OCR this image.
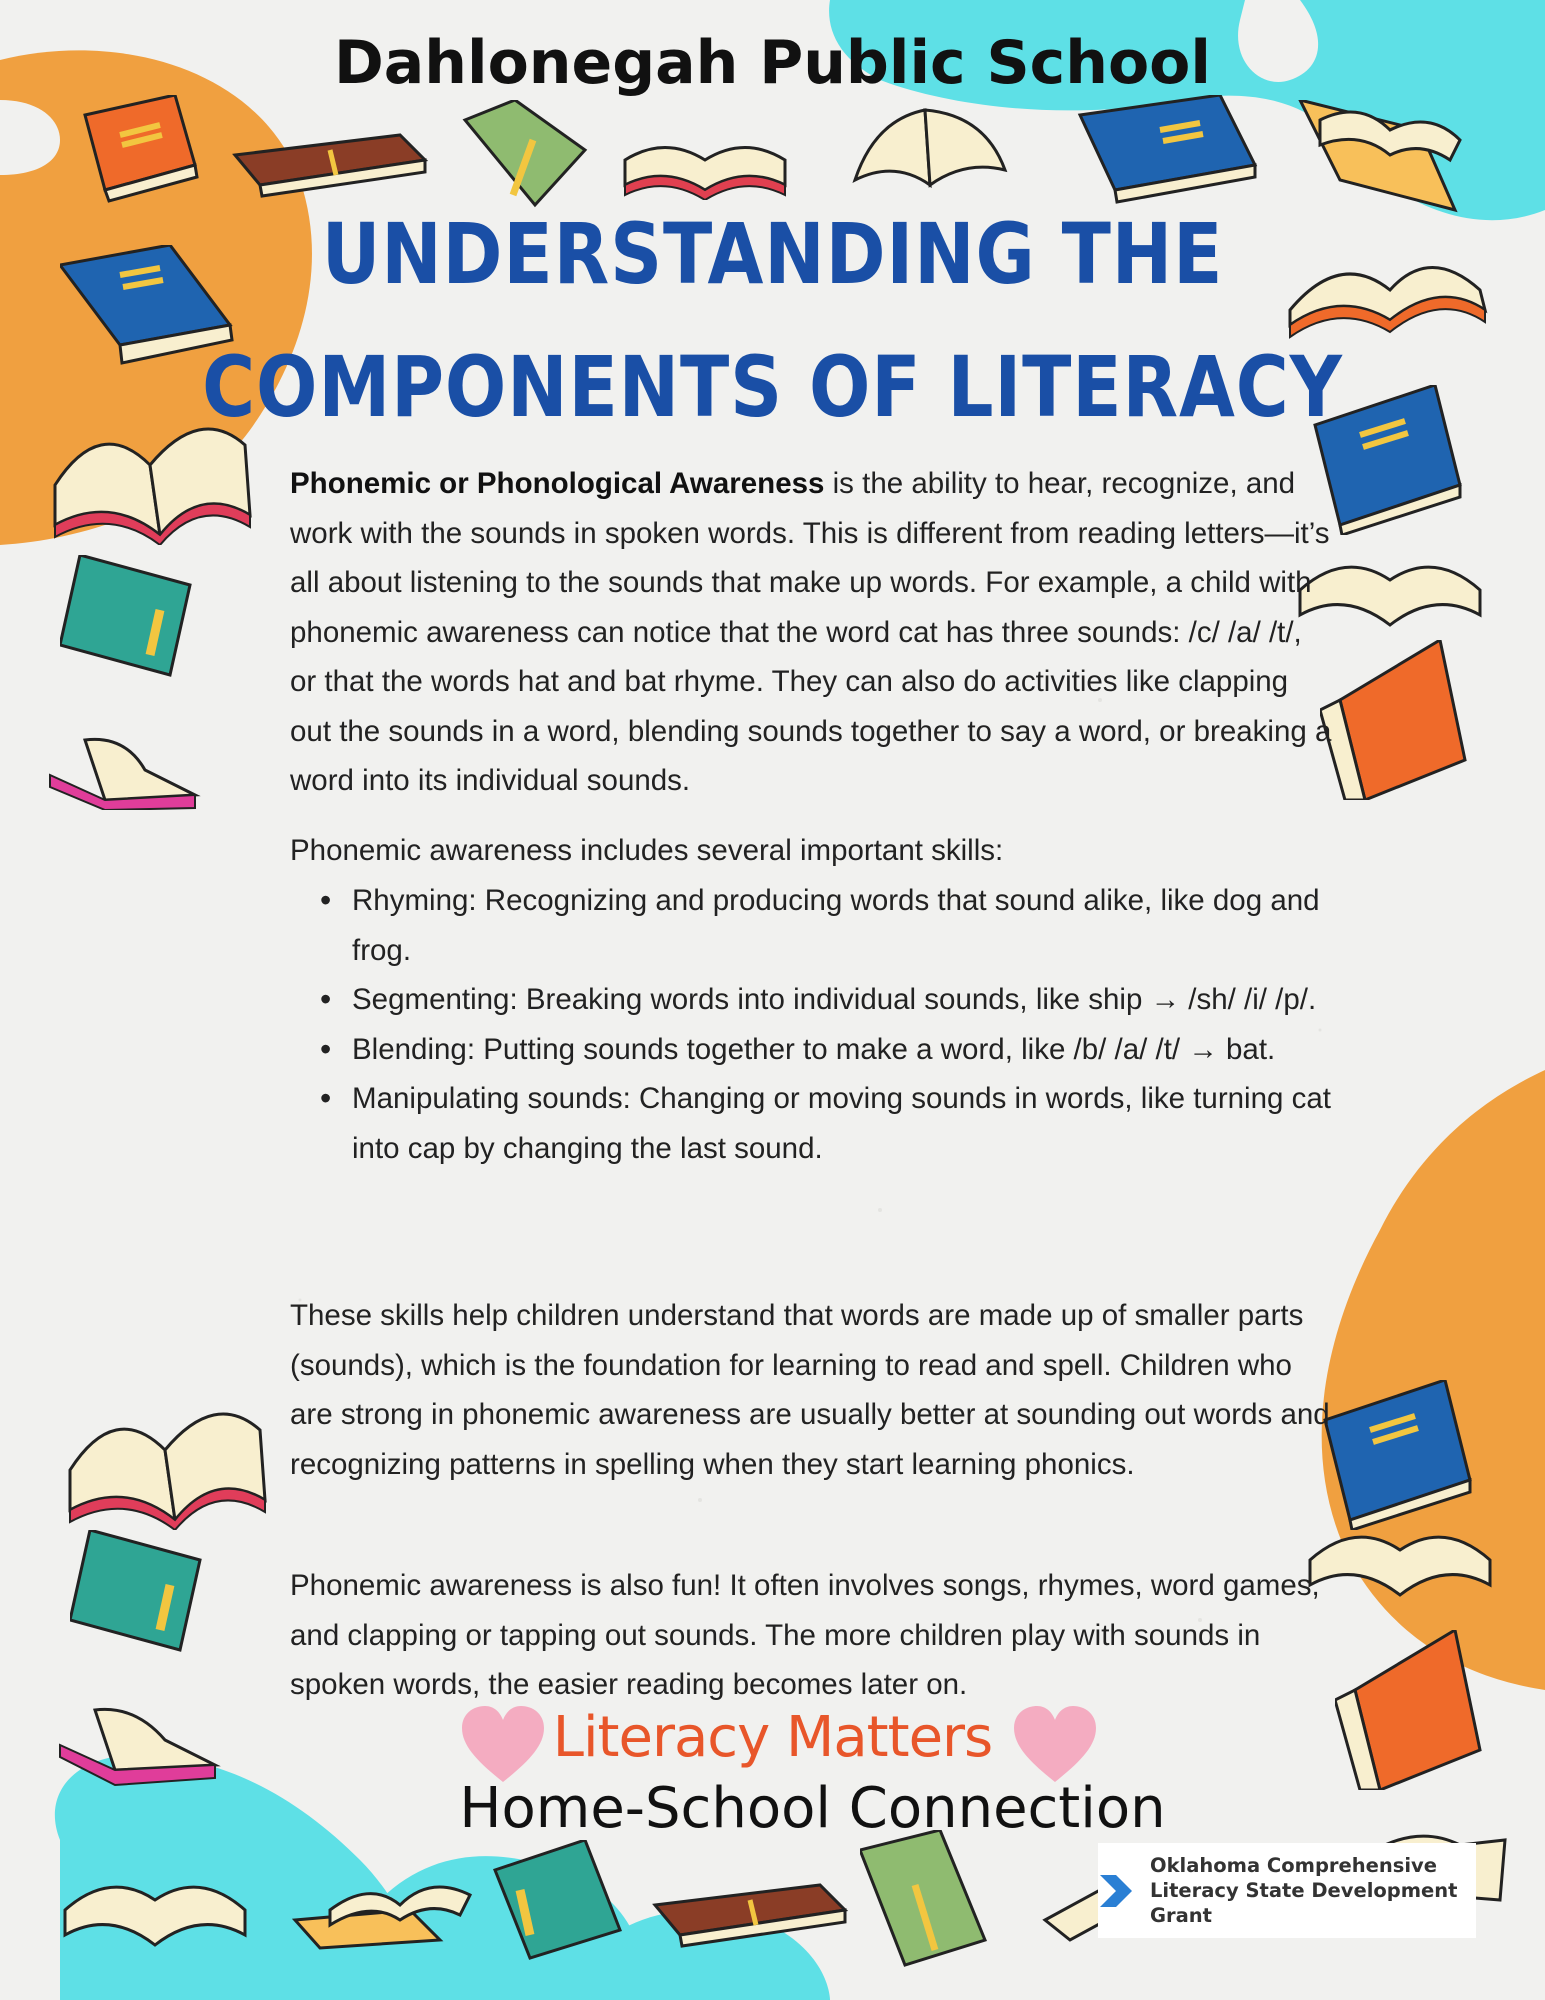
Dahlonegah Public School
UNDERSTANDING THE
COMPONENTS OF LITERACY
Phonemic or Phonological Awareness is the ability to hear, recognize, and work with the sounds in spoken words. This is different from reading letters—it’s all about listening to the sounds that make up words. For example, a child with phonemic awareness can notice that the word cat has three sounds: /c/ /a/ /t/, or that the words hat and bat rhyme. They can also do activities like clapping out the sounds in a word, blending sounds together to say a word, or breaking a word into its individual sounds.
Phonemic awareness includes several important skills:
• Rhyming: Recognizing and producing words that sound alike, like dog and frog.
• Segmenting: Breaking words into individual sounds, like ship → /sh/ /i/ /p/.
• Blending: Putting sounds together to make a word, like /b/ /a/ /t/ → bat.
• Manipulating sounds: Changing or moving sounds in words, like turning cat into cap by changing the last sound.
These skills help children understand that words are made up of smaller parts (sounds), which is the foundation for learning to read and spell. Children who are strong in phonemic awareness are usually better at sounding out words and recognizing patterns in spelling when they start learning phonics.
Phonemic awareness is also fun! It often involves songs, rhymes, word games, and clapping or tapping out sounds. The more children play with sounds in spoken words, the easier reading becomes later on.
Literacy Matters
Home-School Connection
Oklahoma Comprehensive
Literacy State Development
Grant
